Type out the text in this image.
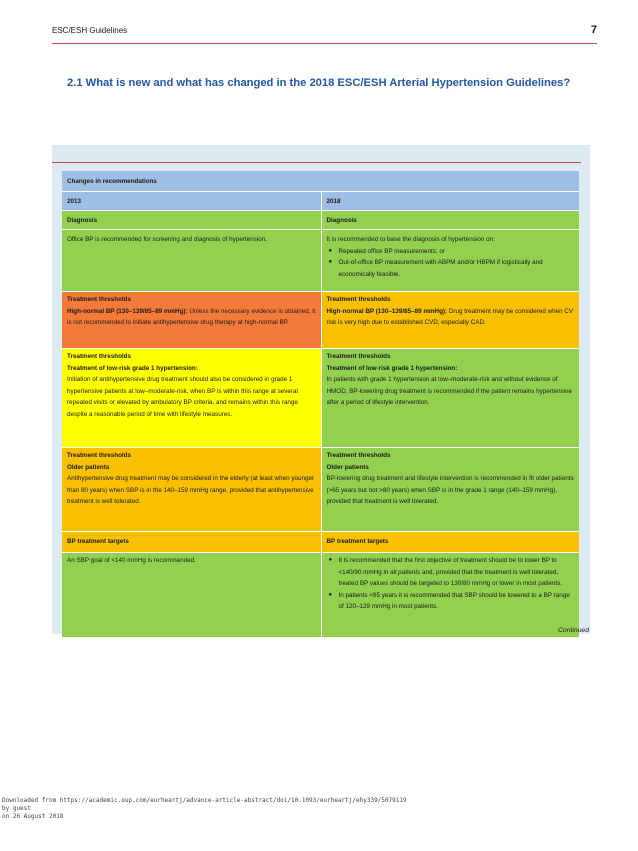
ESC/ESH Guidelines	7
2.1 What is new and what has changed in the 2018 ESC/ESH Arterial Hypertension Guidelines?
Changes in recommendations
2013	2018
Diagnosis	Diagnosis
Office BP is recommended for screening and diagnosis of hypertension.	It is recommended to base the diagnosis of hypertension on:
● Repeated office BP measurements; or
● Out-of-office BP measurement with ABPM and/or HBPM if logistically and economically feasible.
Treatment thresholds
High-normal BP (130–139/85–89 mmHg): Unless the necessary evidence is obtained, it is not recommended to initiate antihypertensive drug therapy at high-normal BP.
Treatment thresholds
High-normal BP (130–139/85–89 mmHg): Drug treatment may be considered when CV risk is very high due to established CVD, especially CAD.
Treatment thresholds
Treatment of low-risk grade 1 hypertension:
Initiation of antihypertensive drug treatment should also be considered in grade 1 hypertensive patients at low–moderate-risk, when BP is within this range at several repeated visits or elevated by ambulatory BP criteria, and remains within this range despite a reasonable period of time with lifestyle measures.
Treatment thresholds
Treatment of low-risk grade 1 hypertension:
In patients with grade 1 hypertension at low–moderate-risk and without evidence of HMOD, BP-lowering drug treatment is recommended if the patient remains hypertensive after a period of lifestyle intervention.
Treatment thresholds
Older patients
Antihypertensive drug treatment may be considered in the elderly (at least when younger than 80 years) when SBP is in the 140–159 mmHg range, provided that antihypertensive treatment is well tolerated.
Treatment thresholds
Older patients
BP-lowering drug treatment and lifestyle intervention is recommended in fit older patients (>65 years but not >80 years) when SBP is in the grade 1 range (140–159 mmHg), provided that treatment is well tolerated.
BP treatment targets	BP treatment targets
An SBP goal of <140 mmHg is recommended.
●	It is recommended that the first objective of treatment should be to lower BP to <140/90 mmHg in all patients and, provided that the treatment is well tolerated, treated BP values should be targeted to 130/80 mmHg or lower in most patients.
● In patients <65 years it is recommended that SBP should be lowered to a BP range of 120–129 mmHg in most patients.
Continued
Downloaded from https://academic.oup.com/eurheartj/advance-article-abstract/doi/10.1093/eurheartj/ehy339/5079119
by guest
on 26 August 2018
